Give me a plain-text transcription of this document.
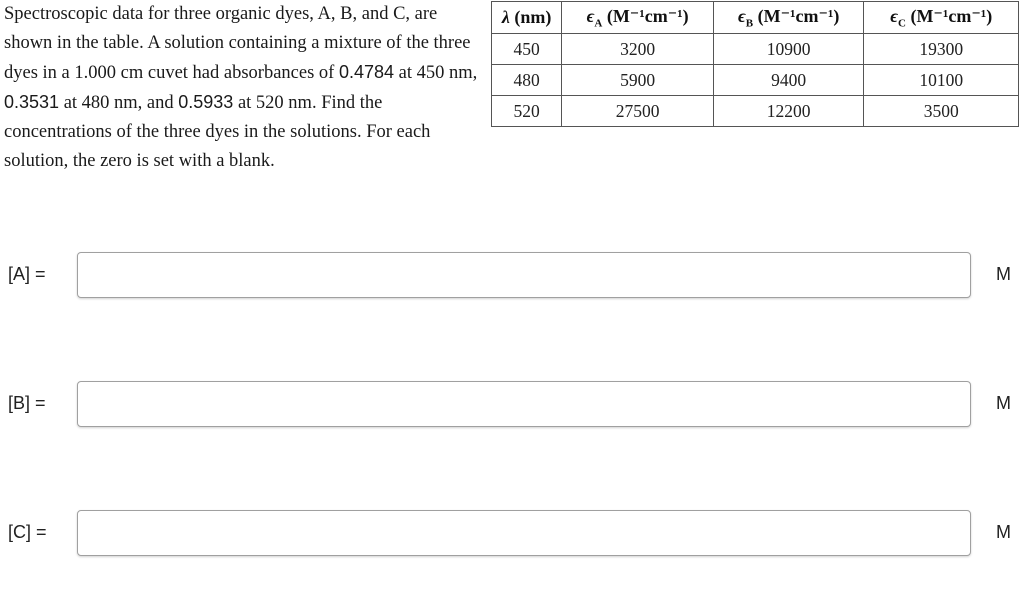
Spectroscopic data for three organic dyes, A, B, and C, are shown in the table. A solution containing a mixture of the three dyes in a 1.000 cm cuvet had absorbances of 0.4784 at 450 nm, 0.3531 at 480 nm, and 0.5933 at 520 nm. Find the concentrations of the three dyes in the solutions. For each solution, the zero is set with a blank.
λ (nm)	$\epsilon_A$ (M⁻¹cm⁻¹)	$\epsilon_B$ (M⁻¹cm⁻¹)	$\epsilon_C$ (M⁻¹cm⁻¹)
450	3200	10900	19300
480	5900	9400	10100
520	27500	12200	3500
[A] =	M
[B] =	M
[C] =	M
